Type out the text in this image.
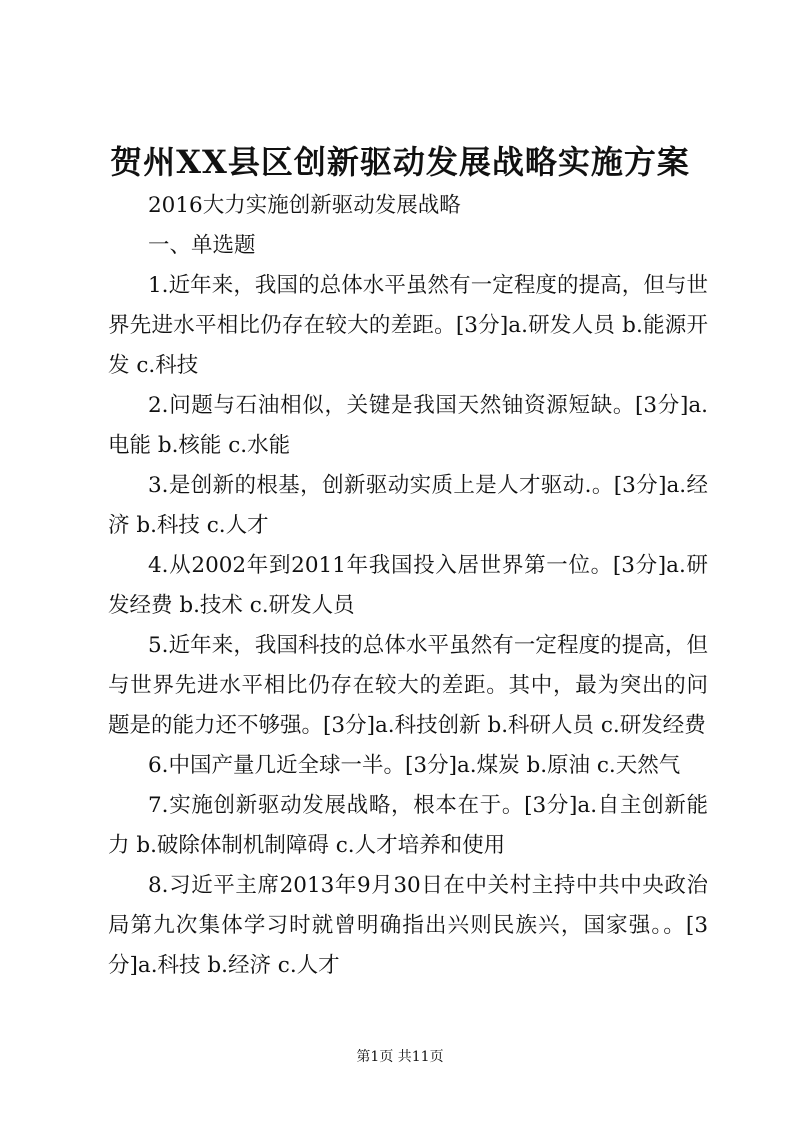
贺州XX县区创新驱动发展战略实施方案

2016大力实施创新驱动发展战略

一、单选题

1.近年来，我国的总体水平虽然有一定程度的提高，但与世界先进水平相比仍存在较大的差距。[3分]a.研发人员 b.能源开发 c.科技

2.问题与石油相似，关键是我国天然铀资源短缺。[3分]a.电能 b.核能 c.水能

3.是创新的根基，创新驱动实质上是人才驱动.。[3分]a.经济 b.科技 c.人才

4.从2002年到2011年我国投入居世界第一位。[3分]a.研发经费 b.技术 c.研发人员

5.近年来，我国科技的总体水平虽然有一定程度的提高，但与世界先进水平相比仍存在较大的差距。其中，最为突出的问题是的能力还不够强。[3分]a.科技创新 b.科研人员 c.研发经费

6.中国产量几近全球一半。[3分]a.煤炭 b.原油 c.天然气

7.实施创新驱动发展战略，根本在于。[3分]a.自主创新能力 b.破除体制机制障碍 c.人才培养和使用

8.习近平主席2013年9月30日在中关村主持中共中央政治局第九次集体学习时就曾明确指出兴则民族兴，国家强。。[3分]a.科技 b.经济 c.人才

第1页 共11页
